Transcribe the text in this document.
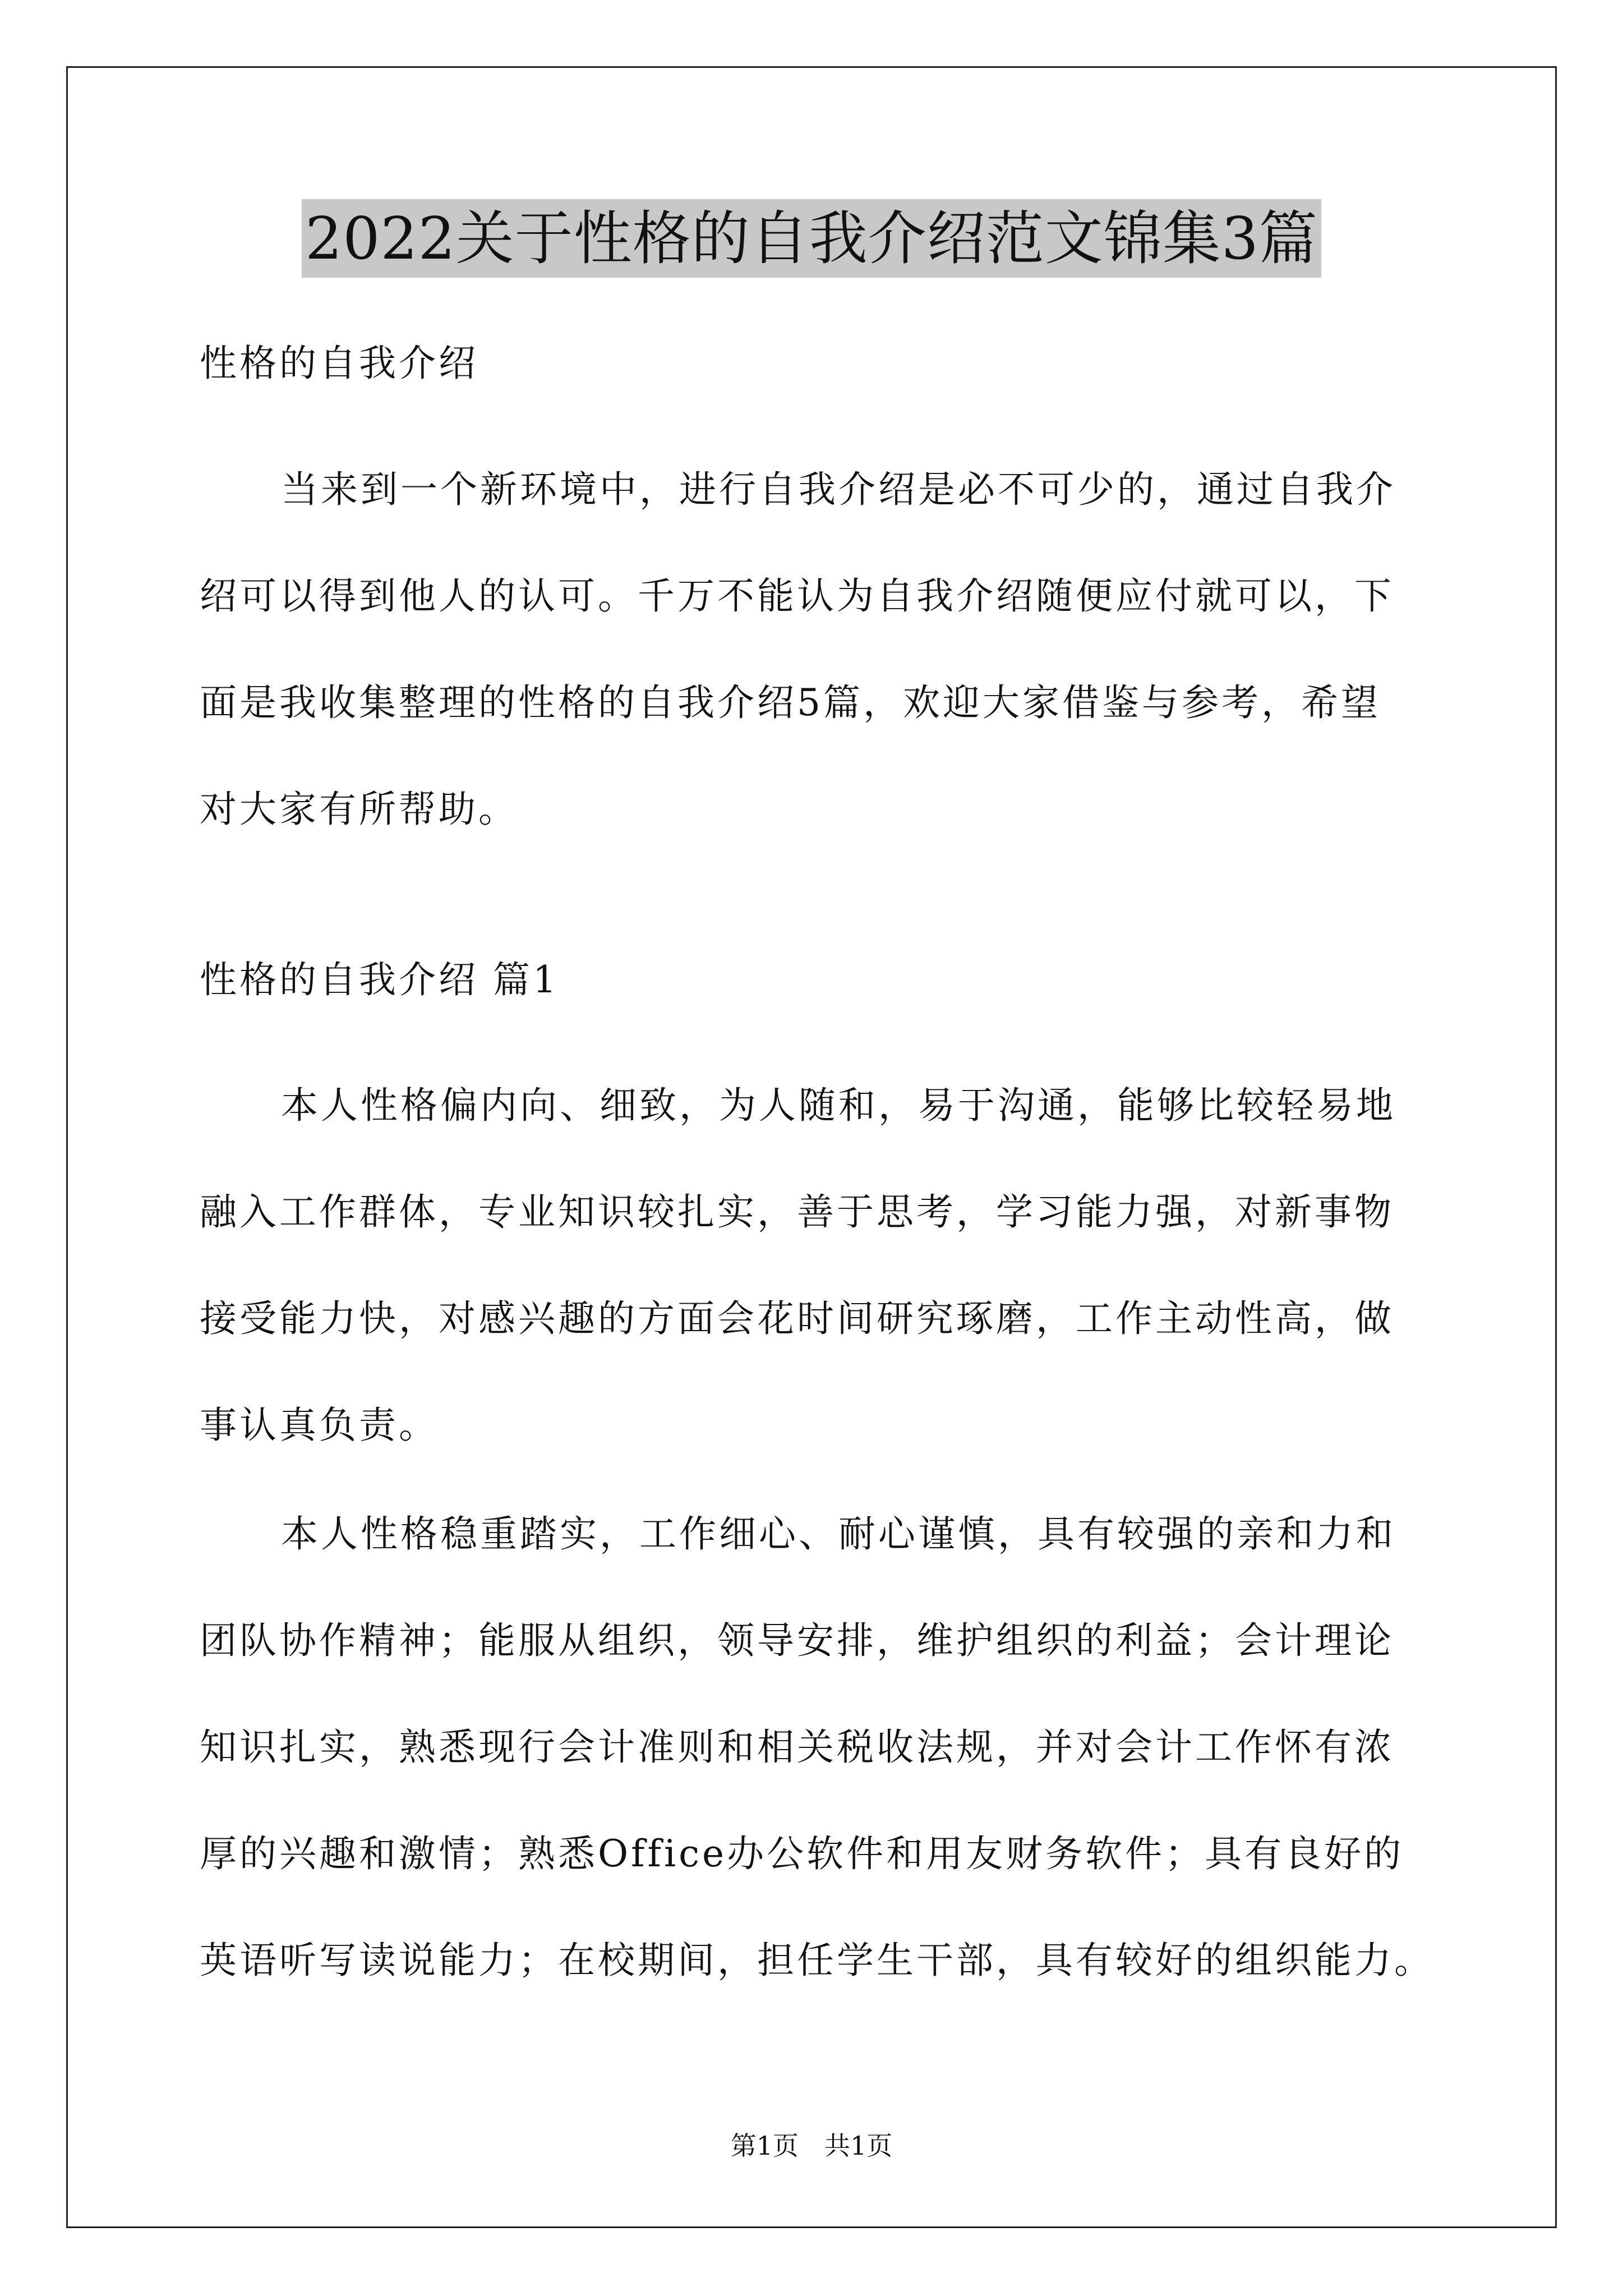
2022关于性格的自我介绍范文锦集3篇

性格的自我介绍

当来到一个新环境中，进行自我介绍是必不可少的，通过自我介
绍可以得到他人的认可。千万不能认为自我介绍随便应付就可以，下
面是我收集整理的性格的自我介绍5篇，欢迎大家借鉴与参考，希望
对大家有所帮助。

性格的自我介绍 篇1

本人性格偏内向、细致，为人随和，易于沟通，能够比较轻易地
融入工作群体，专业知识较扎实，善于思考，学习能力强，对新事物
接受能力快，对感兴趣的方面会花时间研究琢磨，工作主动性高，做
事认真负责。

本人性格稳重踏实，工作细心、耐心谨慎，具有较强的亲和力和
团队协作精神；能服从组织，领导安排，维护组织的利益；会计理论
知识扎实，熟悉现行会计准则和相关税收法规，并对会计工作怀有浓
厚的兴趣和激情；熟悉Office办公软件和用友财务软件；具有良好的
英语听写读说能力；在校期间，担任学生干部，具有较好的组织能力。

第1页　共1页
